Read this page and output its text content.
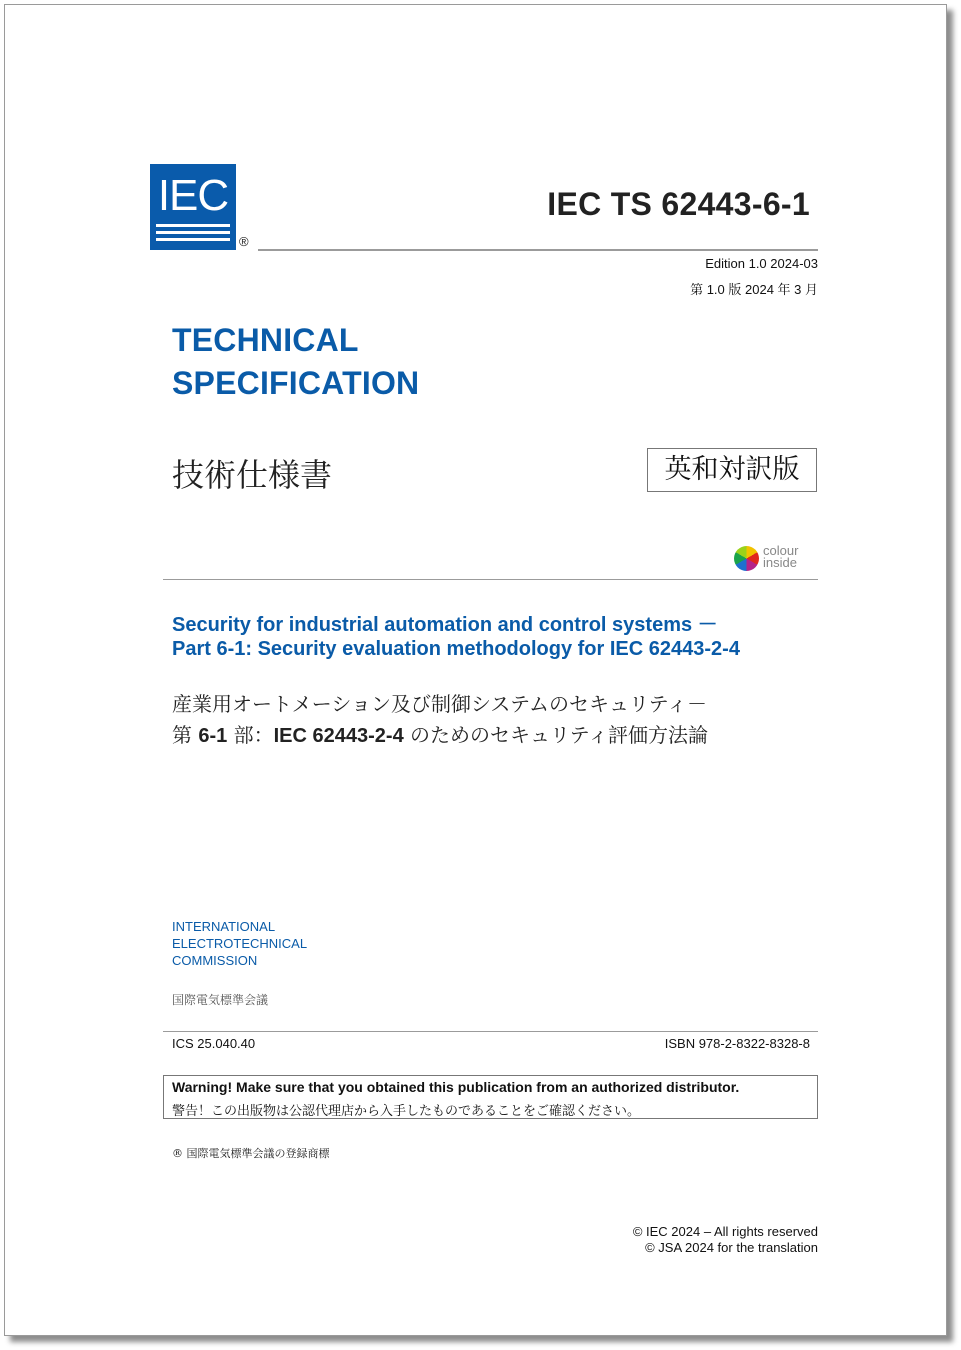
IEC
®
IEC TS 62443-6-1
Edition 1.0 2024-03
第 1.0 版 2024 年 3 月
TECHNICAL
SPECIFICATION
技術仕様書	英和対訳版
colour
inside
Security for industrial automation and control systems －
Part 6-1: Security evaluation methodology for IEC 62443-2-4
産業用オートメーション及び制御システムのセキュリティ－
第 6-1 部：IEC 62443-2-4 のためのセキュリティ評価方法論
INTERNATIONAL
ELECTROTECHNICAL
COMMISSION
国際電気標準会議
ICS 25.040.40	ISBN 978-2-8322-8328-8
Warning! Make sure that you obtained this publication from an authorized distributor.
警告！この出版物は公認代理店から入手したものであることをご確認ください。
® 国際電気標準会議の登録商標
© IEC 2024 – All rights reserved
© JSA 2024 for the translation
